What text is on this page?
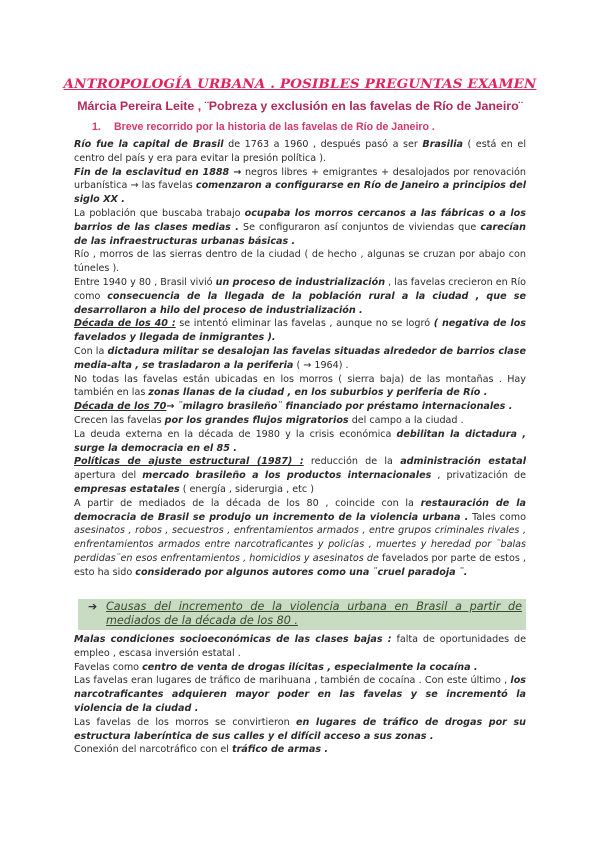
ANTROPOLOGÍA URBANA . POSIBLES PREGUNTAS EXAMEN
Márcia Pereira Leite , ¨Pobreza y exclusión en las favelas de Río de Janeiro¨
1. Breve recorrido por la historia de las favelas de Río de Janeiro .

Río fue la capital de Brasil de 1763 a 1960 , después pasó a ser Brasilia ( está en el centro del país y era para evitar la presión política ).

Fin de la esclavitud en 1888 → negros libres + emigrantes + desalojados por renovación urbanística → las favelas comenzaron a configurarse en Río de Janeiro a principios del siglo XX .

La población que buscaba trabajo ocupaba los morros cercanos a las fábricas o a los barrios de las clases medias . Se configuraron así conjuntos de viviendas que carecían de las infraestructuras urbanas básicas .

Río , morros de las sierras dentro de la ciudad ( de hecho , algunas se cruzan por abajo con túneles ).

Entre 1940 y 80 , Brasil vivió un proceso de industrialización , las favelas crecieron en Río como consecuencia de la llegada de la población rural a la ciudad , que se desarrollaron a hilo del proceso de industrialización .

Década de los 40 : se intentó eliminar las favelas , aunque no se logró ( negativa de los favelados y llegada de inmigrantes ).

Con la dictadura militar se desalojan las favelas situadas alrededor de barrios clase media-alta , se trasladaron a la periferia ( → 1964) .

No todas las favelas están ubicadas en los morros ( sierra baja) de las montañas . Hay también en las zonas llanas de la ciudad , en los suburbios y periferia de Río .

Década de los 70→ ¨milagro brasileño¨ financiado por préstamo internacionales .

Crecen las favelas por los grandes flujos migratorios del campo a la ciudad .

La deuda externa en la década de 1980 y la crisis económica debilitan la dictadura , surge la democracia en el 85 .

Políticas de ajuste estructural (1987) : reducción de la administración estatal apertura del mercado brasileño a los productos internacionales , privatización de empresas estatales ( energía , siderurgia , etc )

A partir de mediados de la década de los 80 , coincide con la restauración de la democracia de Brasil se produjo un incremento de la violencia urbana . Tales como asesinatos , robos , secuestros , enfrentamientos armados , entre grupos criminales rivales , enfrentamientos armados entre narcotraficantes y policías , muertes y heredad por ¨balas perdidas¨en esos enfrentamientos , homicidios y asesinatos de favelados por parte de estos , esto ha sido considerado por algunos autores como una ¨cruel paradoja ¨.

➔ Causas del incremento de la violencia urbana en Brasil a partir de mediados de la década de los 80 .

Malas condiciones socioeconómicas de las clases bajas : falta de oportunidades de empleo , escasa inversión estatal .

Favelas como centro de venta de drogas ilícitas , especialmente la cocaína .

Las favelas eran lugares de tráfico de marihuana , también de cocaína . Con este último , los narcotraficantes adquieren mayor poder en las favelas y se incrementó la violencia de la ciudad .

Las favelas de los morros se convirtieron en lugares de tráfico de drogas por su estructura laberíntica de sus calles y el difícil acceso a sus zonas .

Conexión del narcotráfico con el tráfico de armas .
